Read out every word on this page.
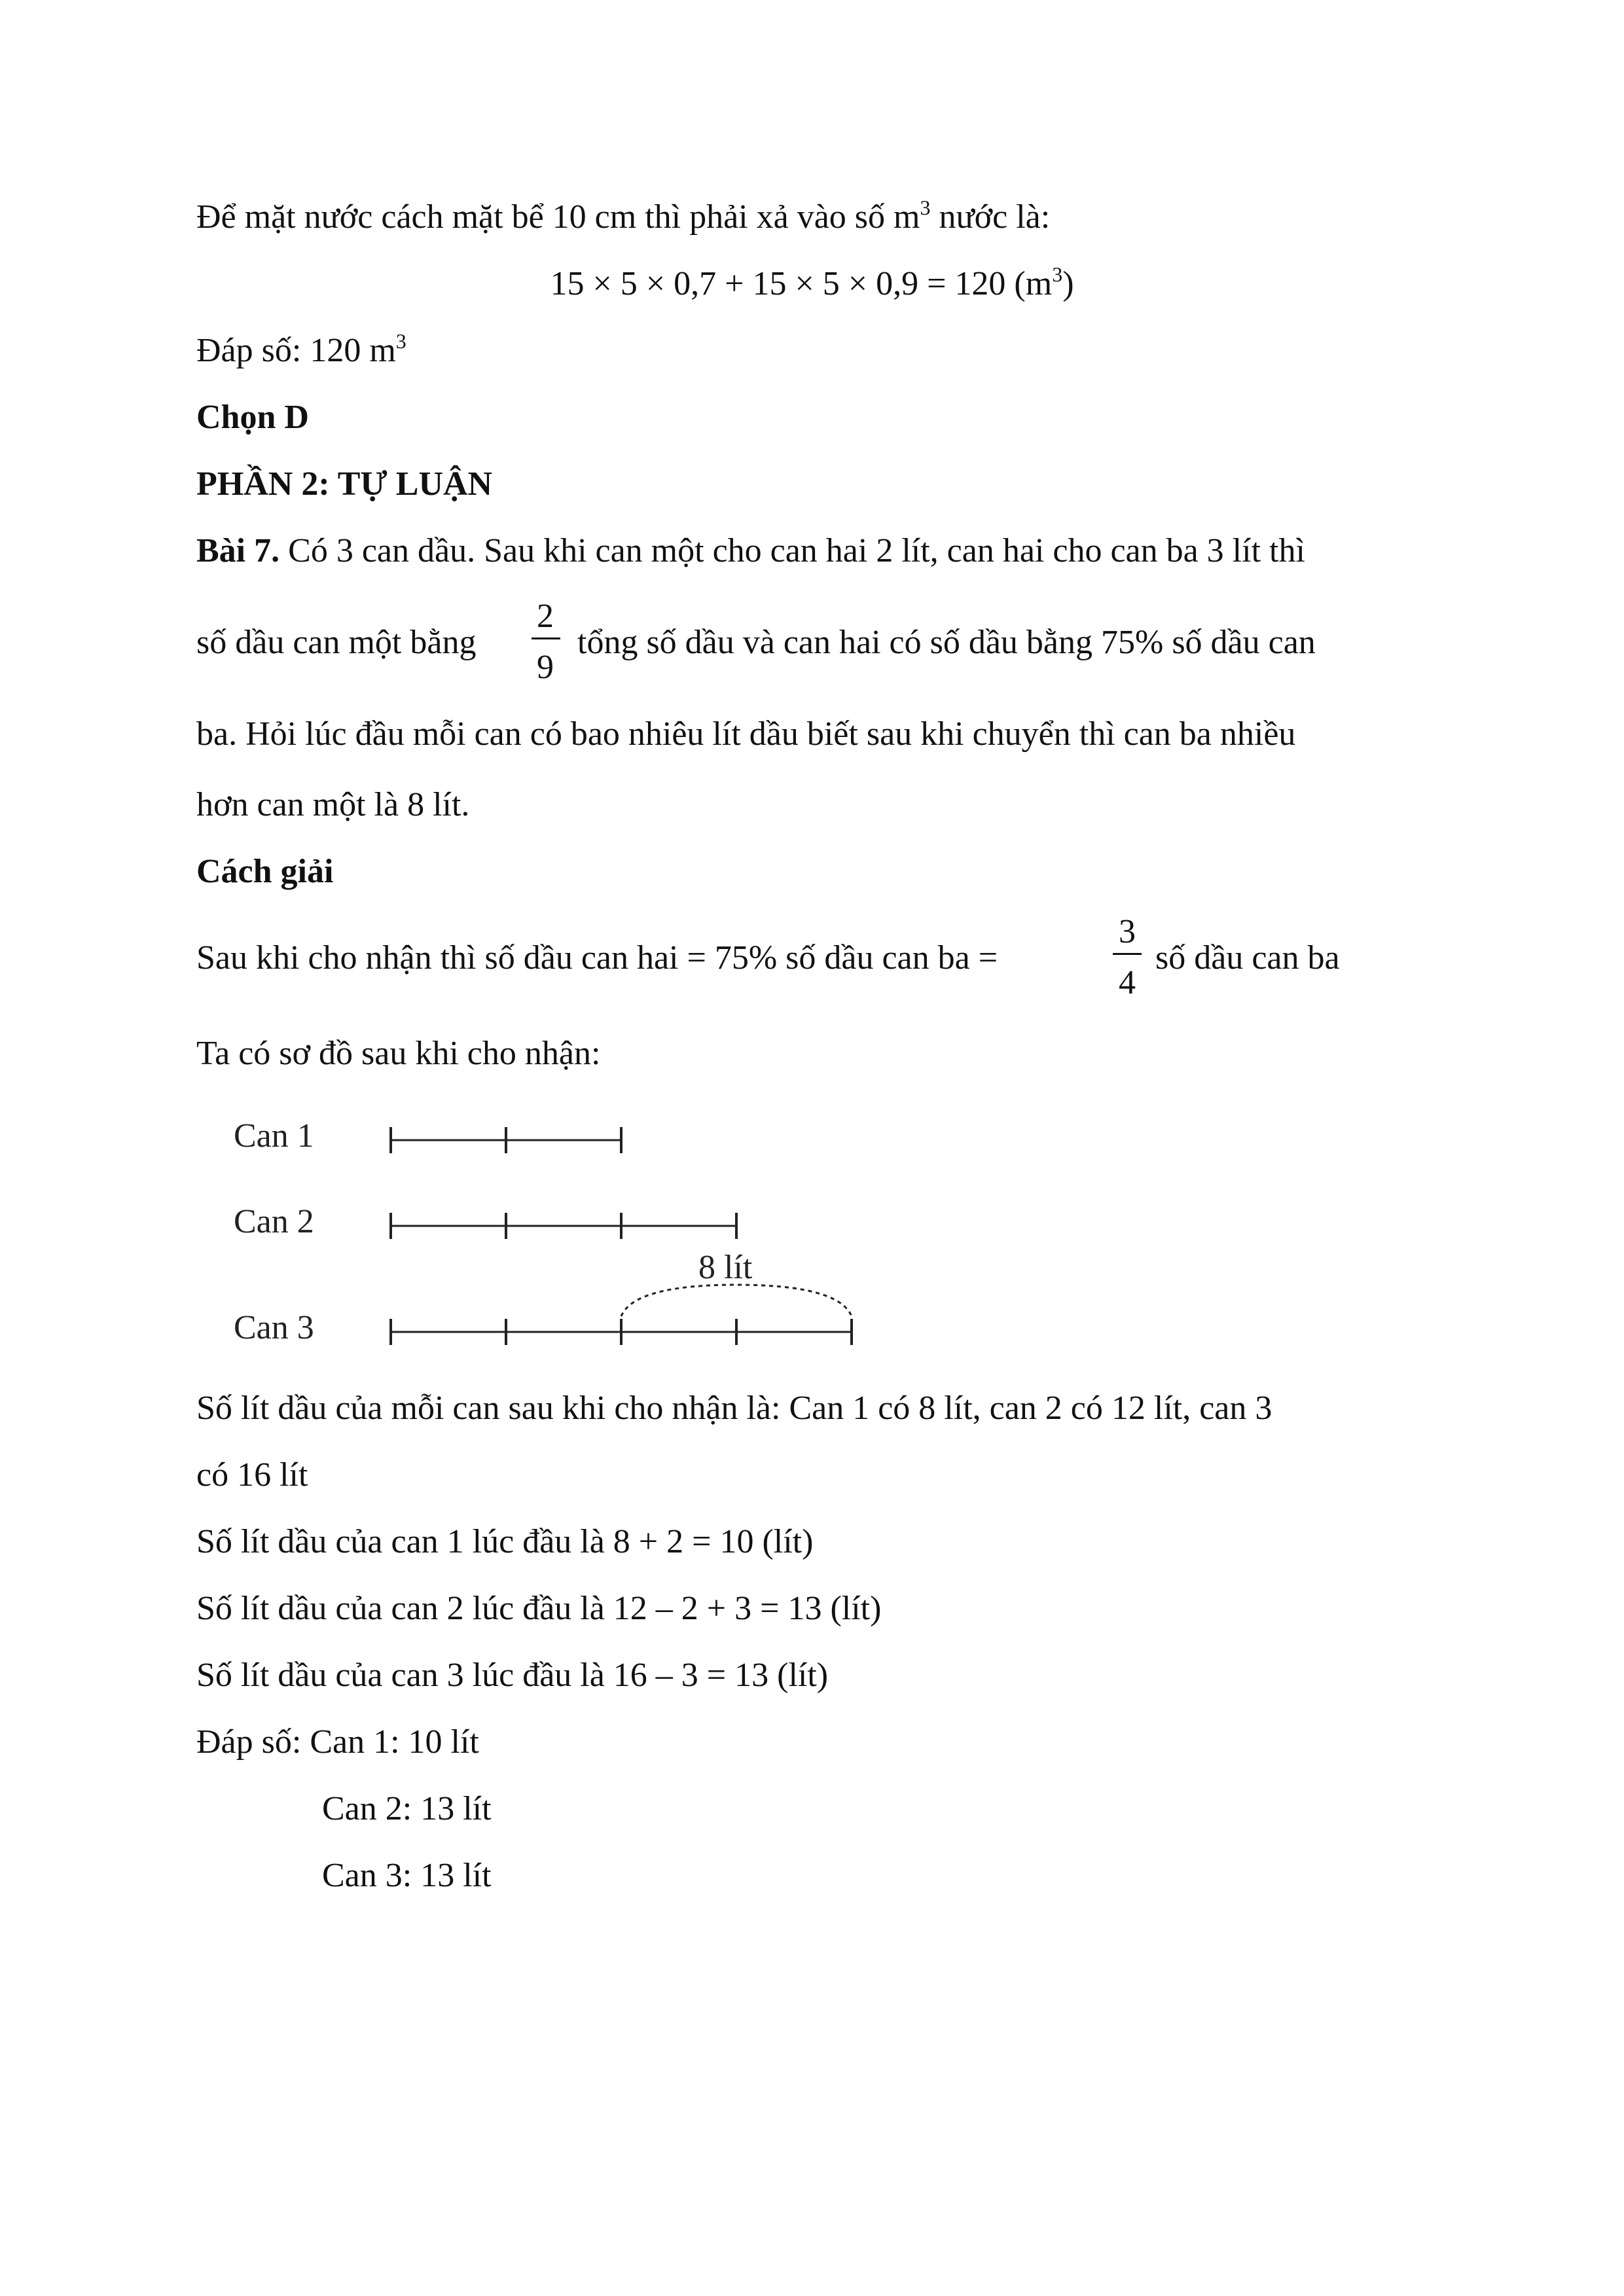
Để mặt nước cách mặt bể 10 cm thì phải xả vào số $m^3$ nước là:
15 × 5 × 0,7 + 15 × 5 × 0,9 = 120 $(m^3)$
Đáp số: 120 $m^3$
Chọn D
PHẦN 2: TỰ LUẬN
Bài 7. Có 3 can dầu. Sau khi can một cho can hai 2 lít, can hai cho can ba 3 lít thì
số dầu can một bằng
2
9
tổng số dầu và can hai có số dầu bằng 75% số dầu can
ba. Hỏi lúc đầu mỗi can có bao nhiêu lít dầu biết sau khi chuyển thì can ba nhiều
hơn can một là 8 lít.
Cách giải
Sau khi cho nhận thì số dầu can hai = 75% số dầu can ba =
3
4
số dầu can ba
Ta có sơ đồ sau khi cho nhận:
Can 1
Can 2
Can 3
8 lít
Số lít dầu của mỗi can sau khi cho nhận là: Can 1 có 8 lít, can 2 có 12 lít, can 3
có 16 lít
Số lít dầu của can 1 lúc đầu là 8 + 2 = 10 (lít)
Số lít dầu của can 2 lúc đầu là 12 – 2 + 3 = 13 (lít)
Số lít dầu của can 3 lúc đầu là 16 – 3 = 13 (lít)
Đáp số: Can 1: 10 lít
Can 2: 13 lít
Can 3: 13 lít
